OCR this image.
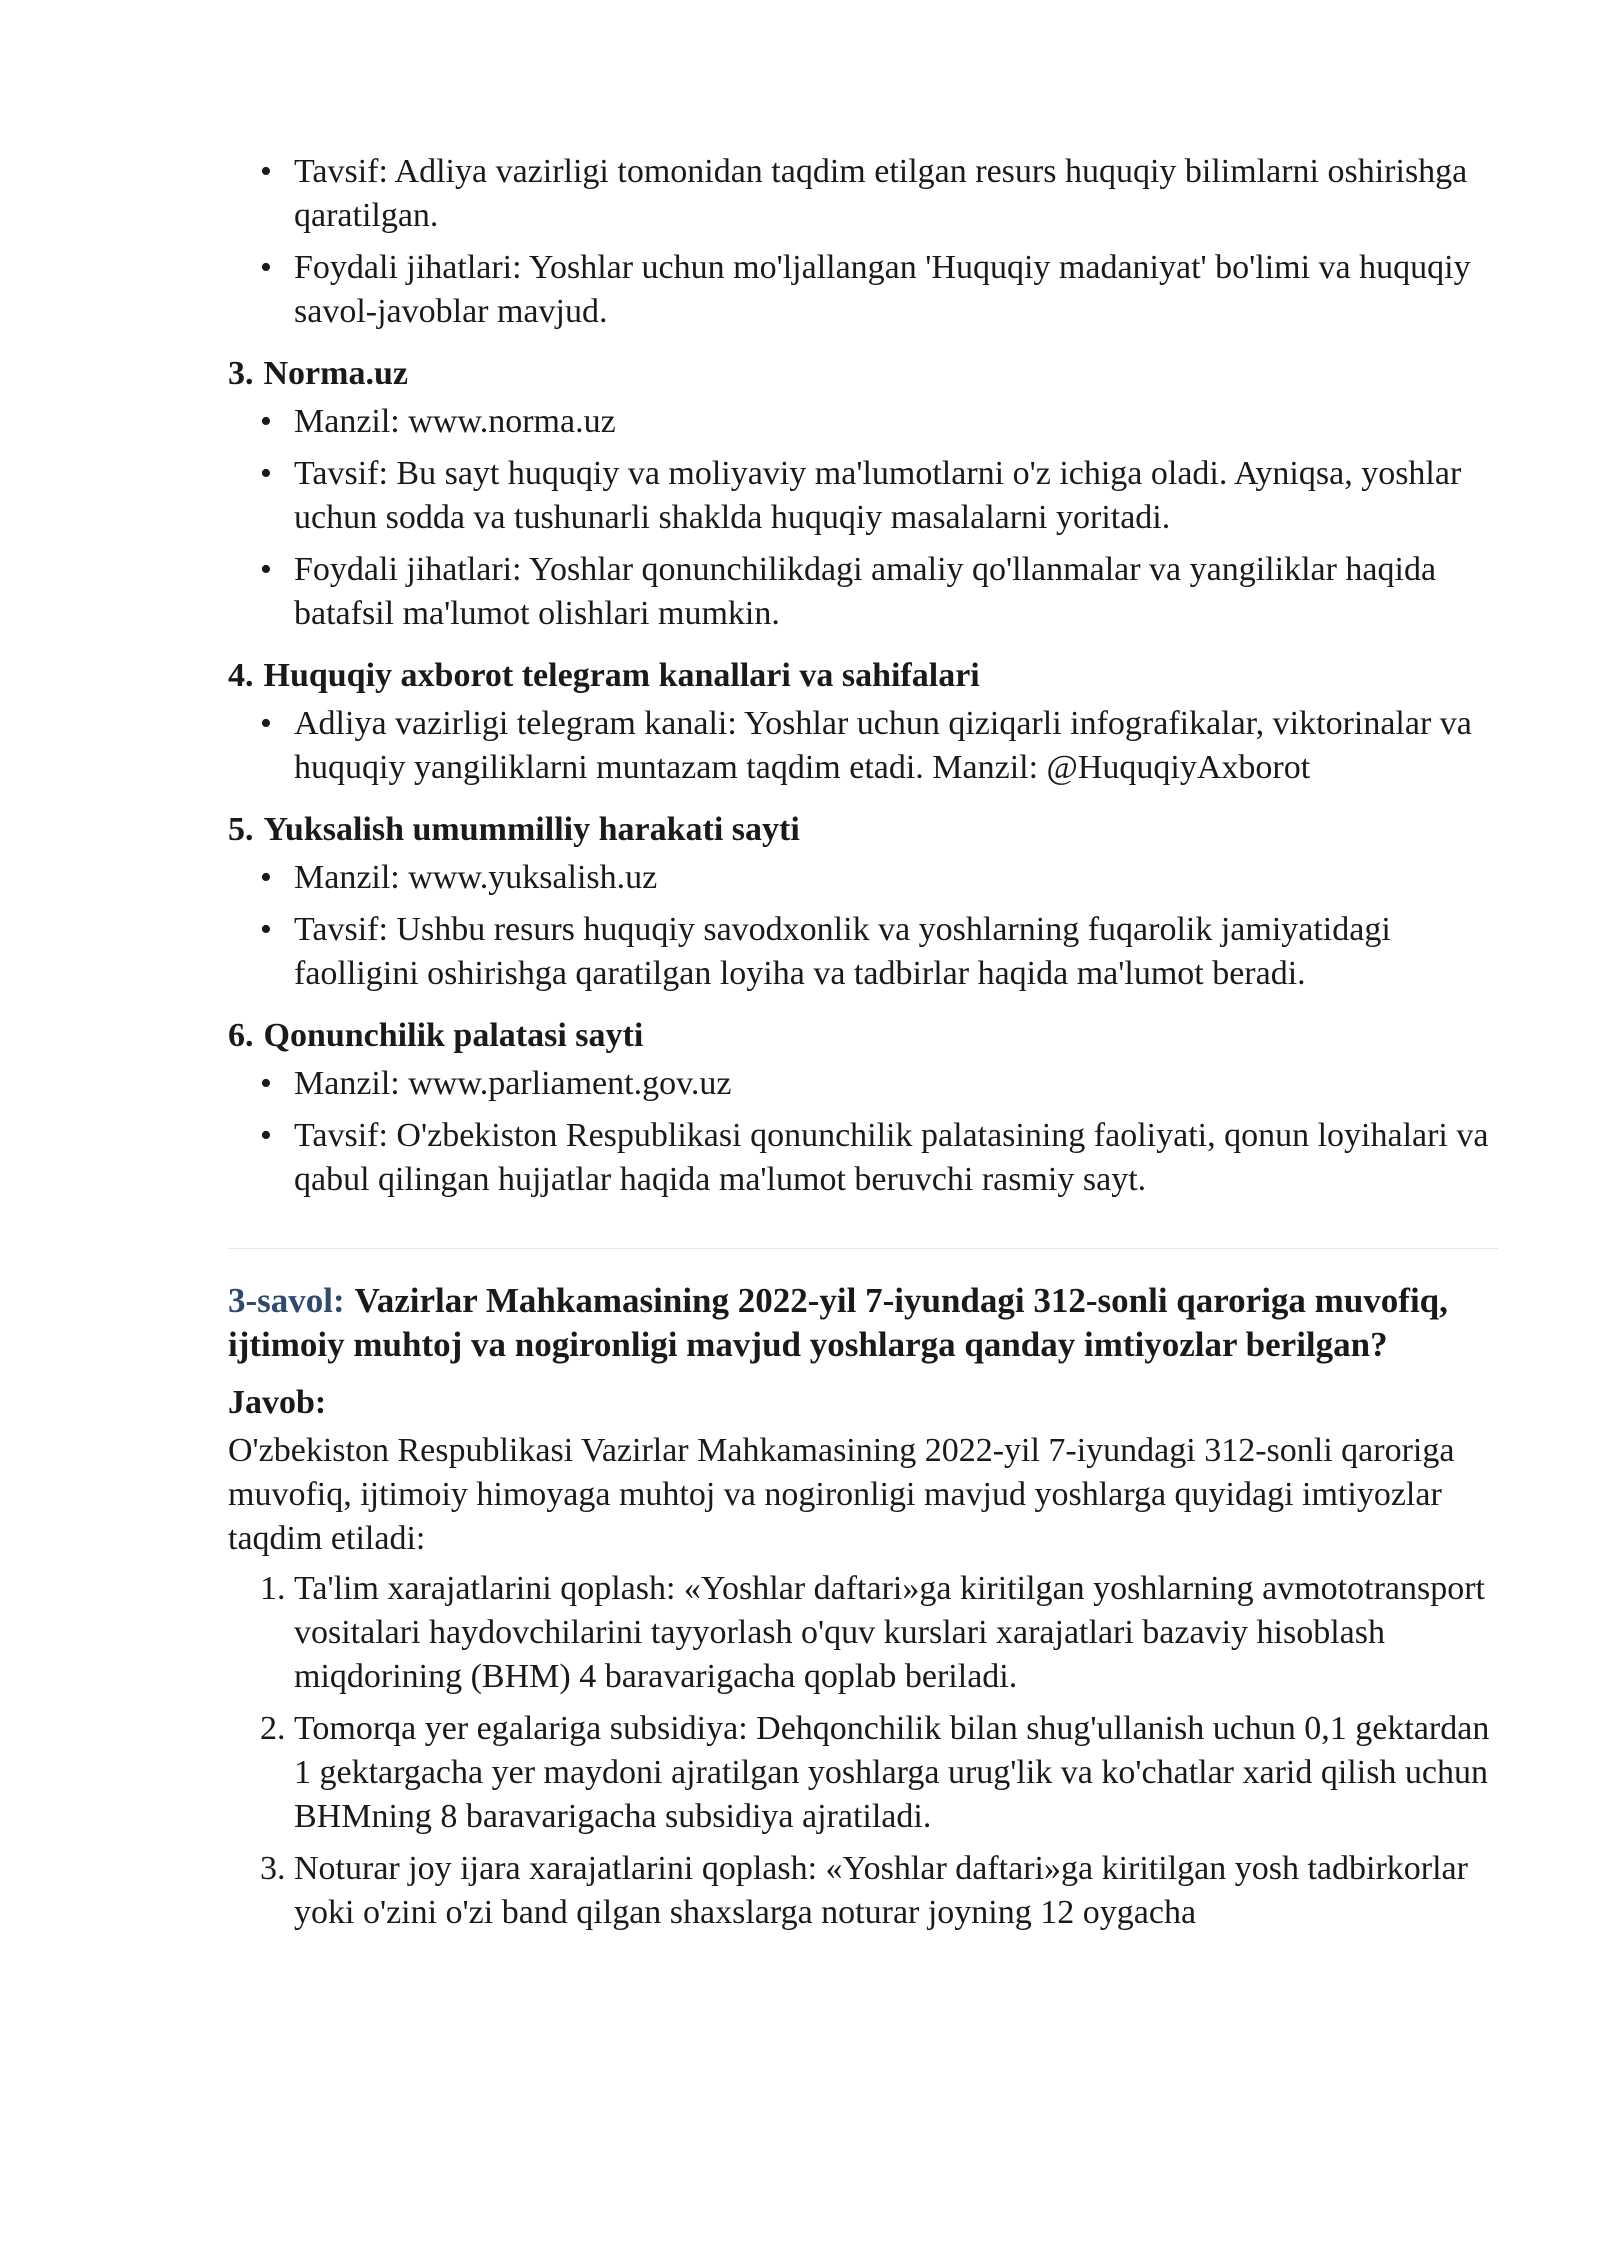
• Tavsif: Adliya vazirligi tomonidan taqdim etilgan resurs huquqiy bilimlarni oshirishga qaratilgan.
• Foydali jihatlari: Yoshlar uchun mo'ljallangan 'Huquqiy madaniyat' bo'limi va huquqiy savol-javoblar mavjud.
3. Norma.uz
• Manzil: www.norma.uz
• Tavsif: Bu sayt huquqiy va moliyaviy ma'lumotlarni o'z ichiga oladi. Ayniqsa, yoshlar uchun sodda va tushunarli shaklda huquqiy masalalarni yoritadi.
• Foydali jihatlari: Yoshlar qonunchilikdagi amaliy qo'llanmalar va yangiliklar haqida batafsil ma'lumot olishlari mumkin.
4. Huquqiy axborot telegram kanallari va sahifalari
• Adliya vazirligi telegram kanali: Yoshlar uchun qiziqarli infografikalar, viktorinalar va huquqiy yangiliklarni muntazam taqdim etadi. Manzil: @HuquqiyAxborot
5. Yuksalish umummilliy harakati sayti
• Manzil: www.yuksalish.uz
• Tavsif: Ushbu resurs huquqiy savodxonlik va yoshlarning fuqarolik jamiyatidagi faolligini oshirishga qaratilgan loyiha va tadbirlar haqida ma'lumot beradi.
6. Qonunchilik palatasi sayti
• Manzil: www.parliament.gov.uz
• Tavsif: O'zbekiston Respublikasi qonunchilik palatasining faoliyati, qonun loyihalari va qabul qilingan hujjatlar haqida ma'lumot beruvchi rasmiy sayt.
3-savol: Vazirlar Mahkamasining 2022-yil 7-iyundagi 312-sonli qaroriga muvofiq, ijtimoiy muhtoj va nogironligi mavjud yoshlarga qanday imtiyozlar berilgan?
Javob:
O'zbekiston Respublikasi Vazirlar Mahkamasining 2022-yil 7-iyundagi 312-sonli qaroriga muvofiq, ijtimoiy himoyaga muhtoj va nogironligi mavjud yoshlarga quyidagi imtiyozlar taqdim etiladi:
1. Ta'lim xarajatlarini qoplash: «Yoshlar daftari»ga kiritilgan yoshlarning avmototransport vositalari haydovchilarini tayyorlash o'quv kurslari xarajatlari bazaviy hisoblash miqdorining (BHM) 4 baravarigacha qoplab beriladi.
2. Tomorqa yer egalariga subsidiya: Dehqonchilik bilan shug'ullanish uchun 0,1 gektardan 1 gektargacha yer maydoni ajratilgan yoshlarga urug'lik va ko'chatlar xarid qilish uchun BHMning 8 baravarigacha subsidiya ajratiladi.
3. Noturar joy ijara xarajatlarini qoplash: «Yoshlar daftari»ga kiritilgan yosh tadbirkorlar yoki o'zini o'zi band qilgan shaxslarga noturar joyning 12 oygacha
